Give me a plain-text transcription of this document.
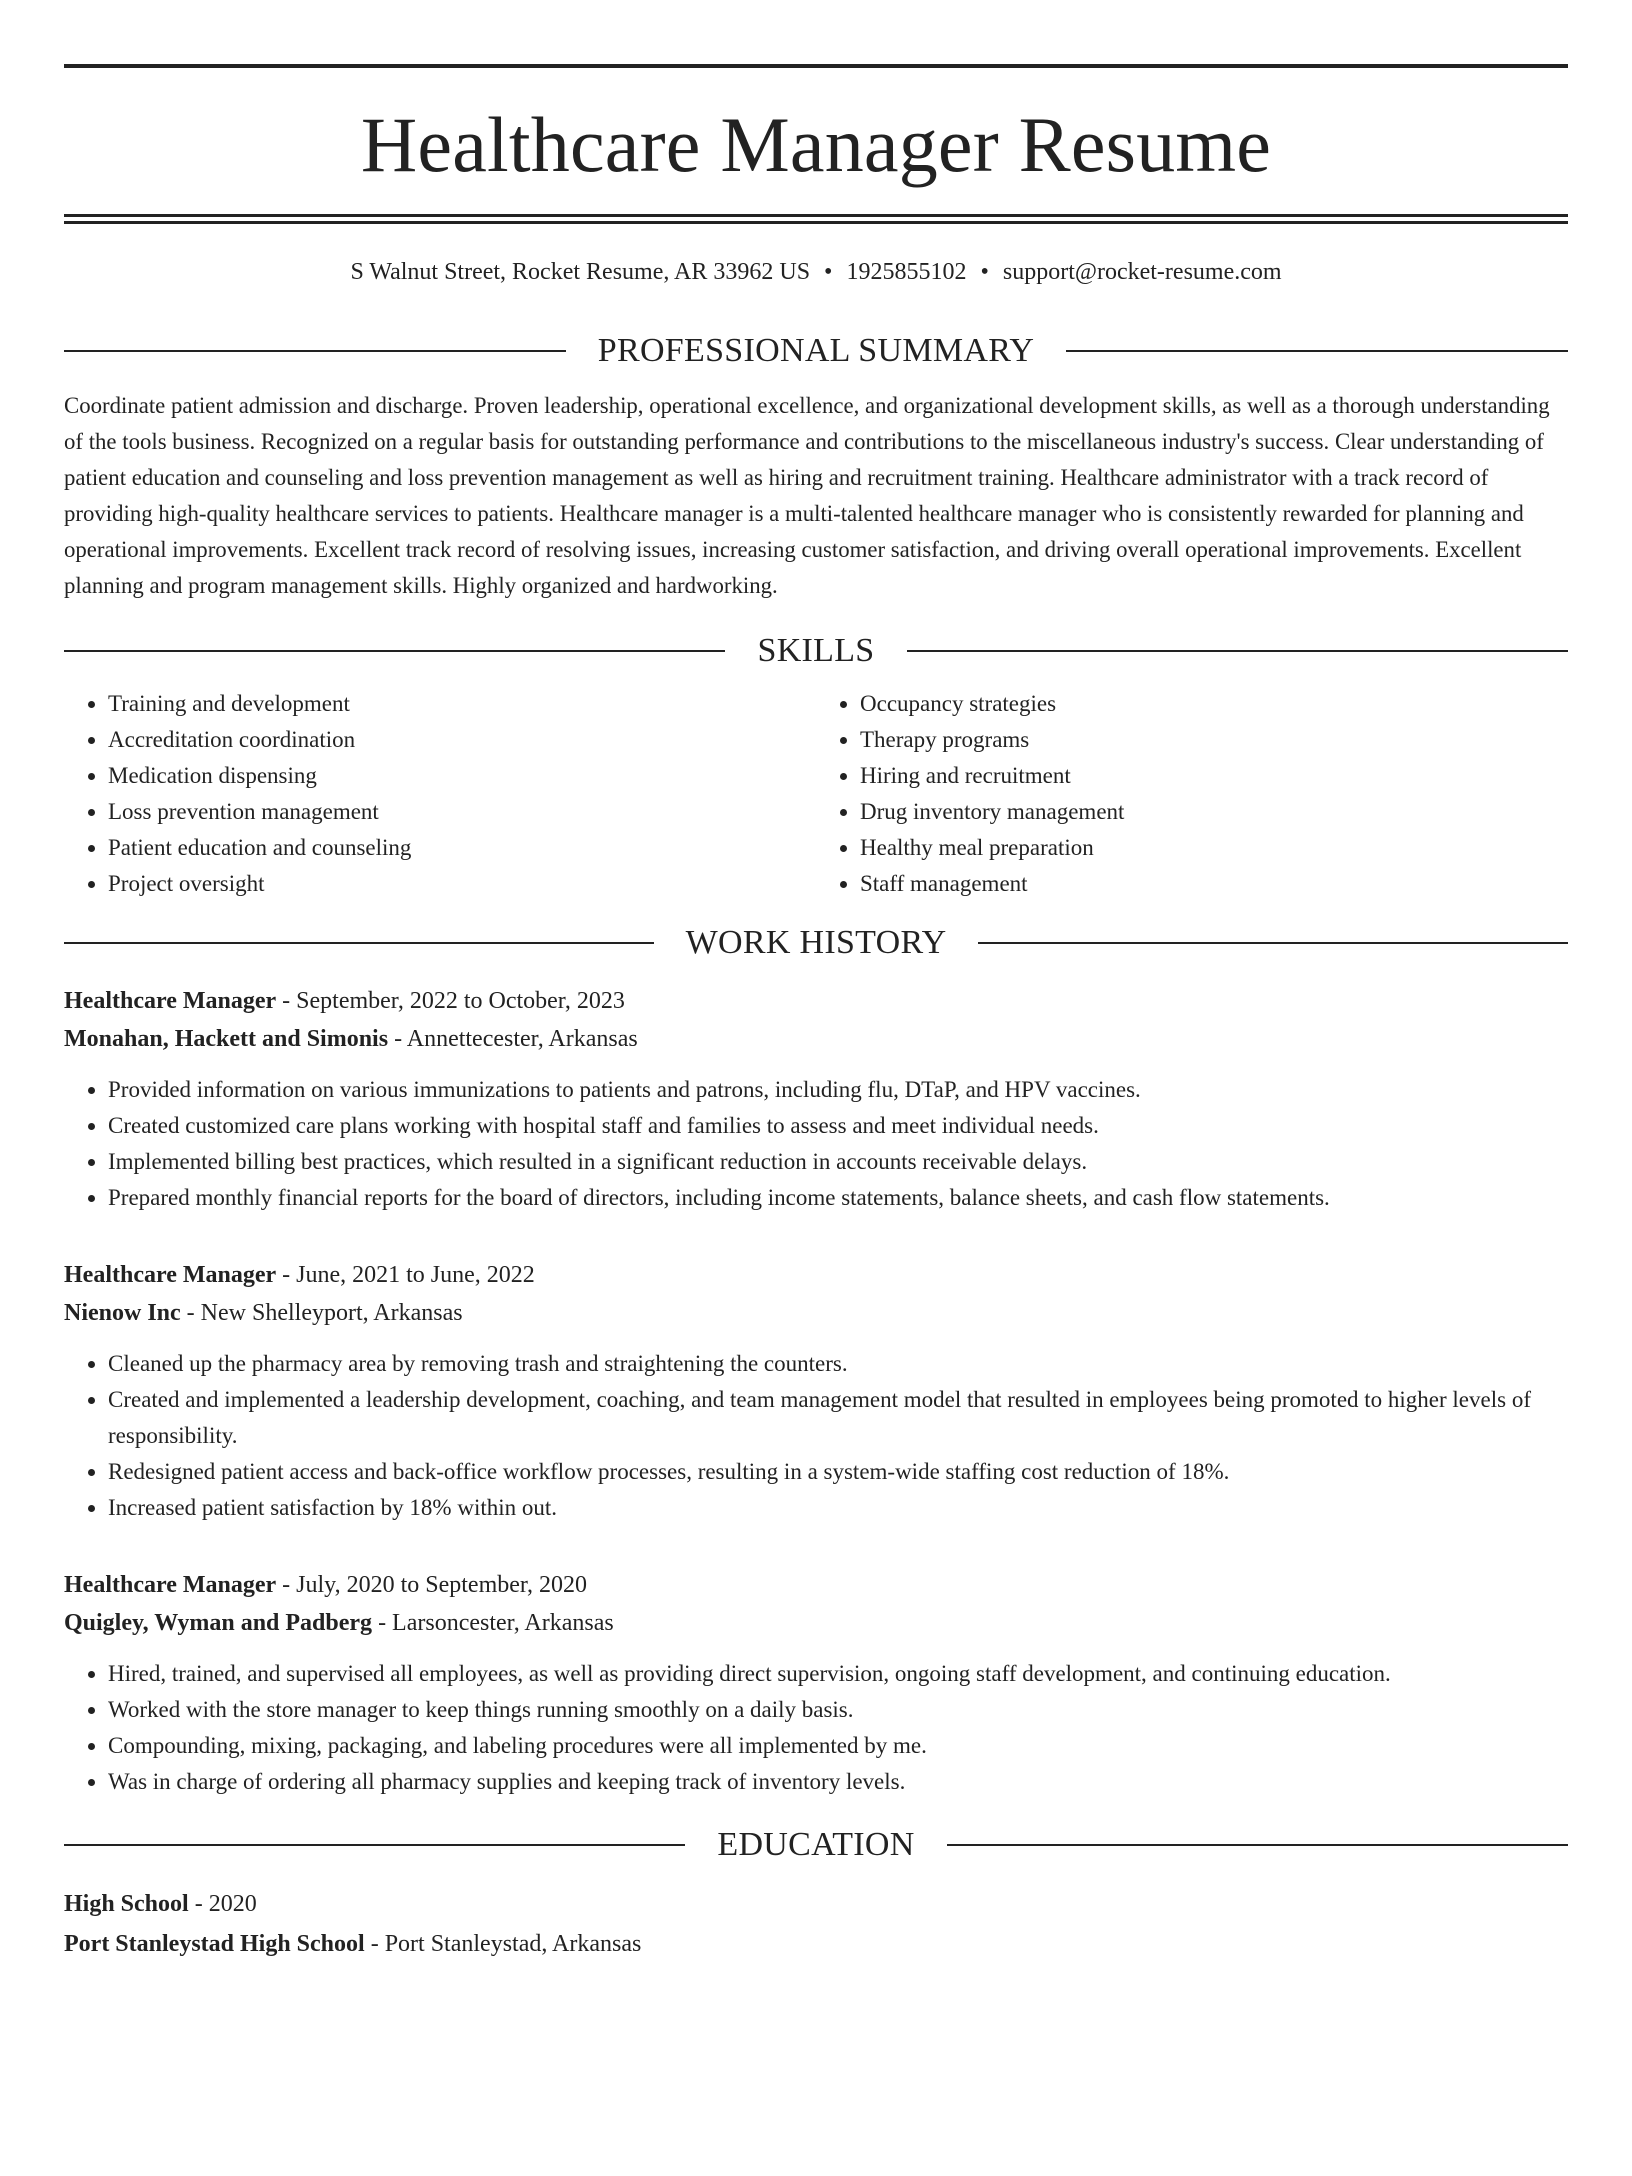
Healthcare Manager Resume
S Walnut Street, Rocket Resume, AR 33962 US • 1925855102 • support@rocket-resume.com
PROFESSIONAL SUMMARY

Coordinate patient admission and discharge. Proven leadership, operational excellence, and organizational development skills, as well as a thorough understanding of the tools business. Recognized on a regular basis for outstanding performance and contributions to the miscellaneous industry's success. Clear understanding of patient education and counseling and loss prevention management as well as hiring and recruitment training. Healthcare administrator with a track record of providing high-quality healthcare services to patients. Healthcare manager is a multi-talented healthcare manager who is consistently rewarded for planning and operational improvements. Excellent track record of resolving issues, increasing customer satisfaction, and driving overall operational improvements. Excellent planning and program management skills. Highly organized and hardworking.

SKILLS
• Training and development
• Accreditation coordination
• Medication dispensing
• Loss prevention management
• Patient education and counseling
• Project oversight
• Occupancy strategies
• Therapy programs
• Hiring and recruitment
• Drug inventory management
• Healthy meal preparation
• Staff management
WORK HISTORY
Healthcare Manager - September, 2022 to October, 2023
Monahan, Hackett and Simonis - Annettecester, Arkansas
• Provided information on various immunizations to patients and patrons, including flu, DTaP, and HPV vaccines.
• Created customized care plans working with hospital staff and families to assess and meet individual needs.
• Implemented billing best practices, which resulted in a significant reduction in accounts receivable delays.
• Prepared monthly financial reports for the board of directors, including income statements, balance sheets, and cash flow statements.
Healthcare Manager - June, 2021 to June, 2022
Nienow Inc - New Shelleyport, Arkansas
• Cleaned up the pharmacy area by removing trash and straightening the counters.
• Created and implemented a leadership development, coaching, and team management model that resulted in employees being promoted to higher levels of responsibility.
• Redesigned patient access and back-office workflow processes, resulting in a system-wide staffing cost reduction of 18%.
• Increased patient satisfaction by 18% within out.
Healthcare Manager - July, 2020 to September, 2020
Quigley, Wyman and Padberg - Larsoncester, Arkansas
• Hired, trained, and supervised all employees, as well as providing direct supervision, ongoing staff development, and continuing education.
• Worked with the store manager to keep things running smoothly on a daily basis.
• Compounding, mixing, packaging, and labeling procedures were all implemented by me.
• Was in charge of ordering all pharmacy supplies and keeping track of inventory levels.
EDUCATION
High School - 2020
Port Stanleystad High School - Port Stanleystad, Arkansas
